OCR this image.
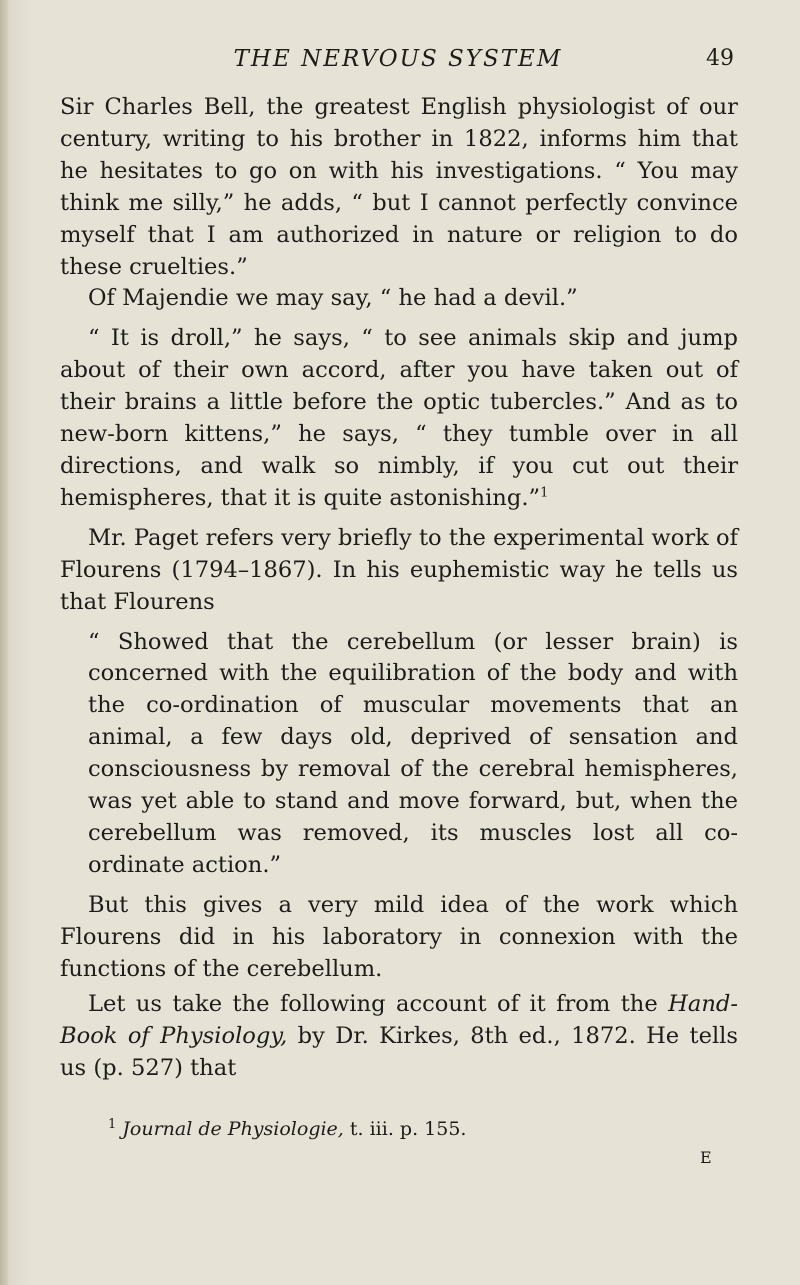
THE NERVOUS SYSTEM	49

Sir Charles Bell, the greatest English physiologist of our century, writing to his brother in 1822, informs him that he hesitates to go on with his investigations. “ You may think me silly,” he adds, “ but I cannot perfectly convince myself that I am authorized in nature or religion to do these cruelties.”

Of Majendie we may say, “ he had a devil.”

“ It is droll,” he says, “ to see animals skip and jump about of their own accord, after you have taken out of their brains a little before the optic tubercles.” And as to new-born kittens,” he says, “ they tumble over in all directions, and walk so nimbly, if you cut out their hemispheres, that it is quite astonishing.”$^1$

Mr. Paget refers very briefly to the experimental work of Flourens (1794–1867). In his euphemistic way he tells us that Flourens

“ Showed that the cerebellum (or lesser brain) is concerned with the equilibration of the body and with the co-ordination of muscular movements that an animal, a few days old, deprived of sensation and consciousness by removal of the cerebral hemispheres, was yet able to stand and move forward, but, when the cerebellum was removed, its muscles lost all co-ordinate action.”

But this gives a very mild idea of the work which Flourens did in his laboratory in connexion with the functions of the cerebellum.

Let us take the following account of it from the Hand-Book of Physiology, by Dr. Kirkes, 8th ed., 1872. He tells us (p. 527) that

$^1$ Journal de Physiologie, t. iii. p. 155.
E
